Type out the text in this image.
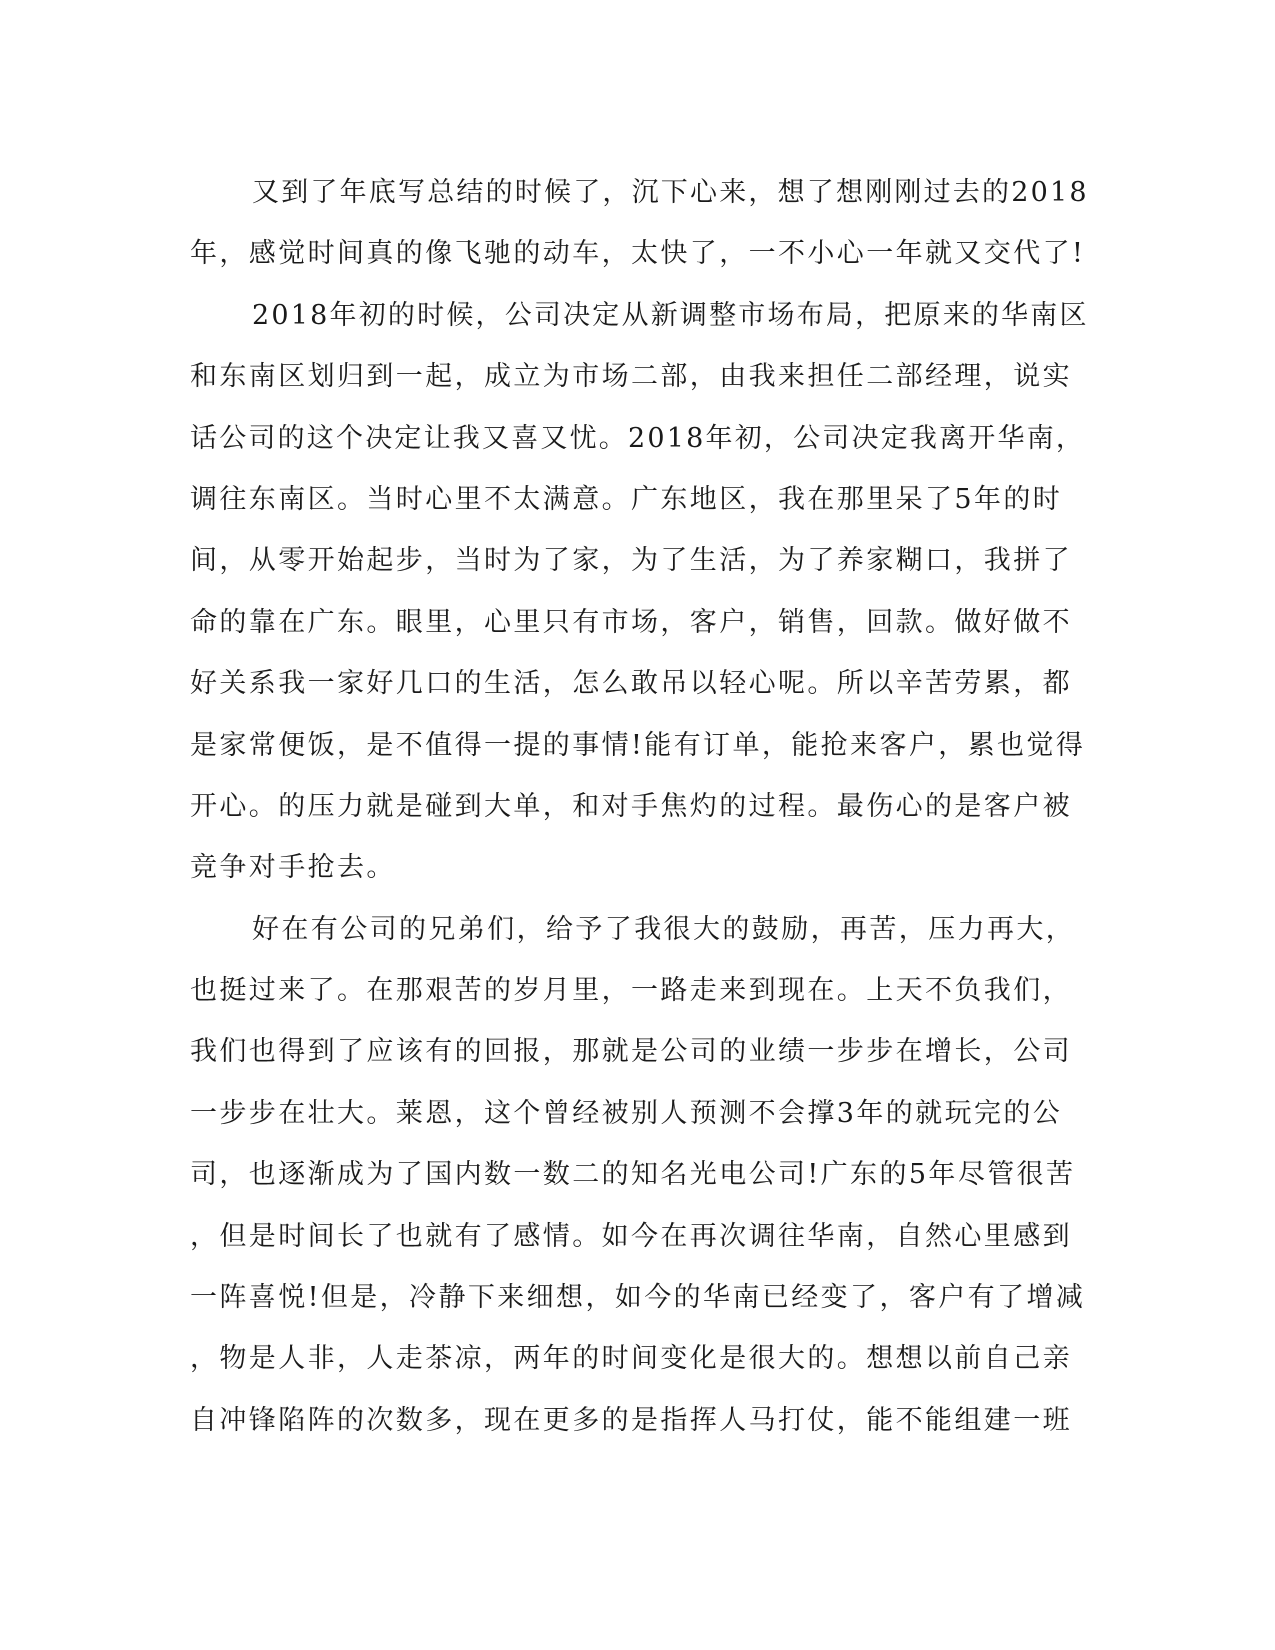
又到了年底写总结的时候了，沉下心来，想了想刚刚过去的2018
年，感觉时间真的像飞驰的动车，太快了，一不小心一年就又交代了!
2018年初的时候，公司决定从新调整市场布局，把原来的华南区
和东南区划归到一起，成立为市场二部，由我来担任二部经理，说实
话公司的这个决定让我又喜又忧。2018年初，公司决定我离开华南，
调往东南区。当时心里不太满意。广东地区，我在那里呆了5年的时
间，从零开始起步，当时为了家，为了生活，为了养家糊口，我拼了
命的靠在广东。眼里，心里只有市场，客户，销售，回款。做好做不
好关系我一家好几口的生活，怎么敢吊以轻心呢。所以辛苦劳累，都
是家常便饭，是不值得一提的事情!能有订单，能抢来客户，累也觉得
开心。的压力就是碰到大单，和对手焦灼的过程。最伤心的是客户被
竞争对手抢去。
好在有公司的兄弟们，给予了我很大的鼓励，再苦，压力再大，
也挺过来了。在那艰苦的岁月里，一路走来到现在。上天不负我们，
我们也得到了应该有的回报，那就是公司的业绩一步步在增长，公司
一步步在壮大。莱恩，这个曾经被别人预测不会撑3年的就玩完的公
司，也逐渐成为了国内数一数二的知名光电公司!广东的5年尽管很苦
，但是时间长了也就有了感情。如今在再次调往华南，自然心里感到
一阵喜悦!但是，冷静下来细想，如今的华南已经变了，客户有了增减
，物是人非，人走茶凉，两年的时间变化是很大的。想想以前自己亲
自冲锋陷阵的次数多，现在更多的是指挥人马打仗，能不能组建一班
